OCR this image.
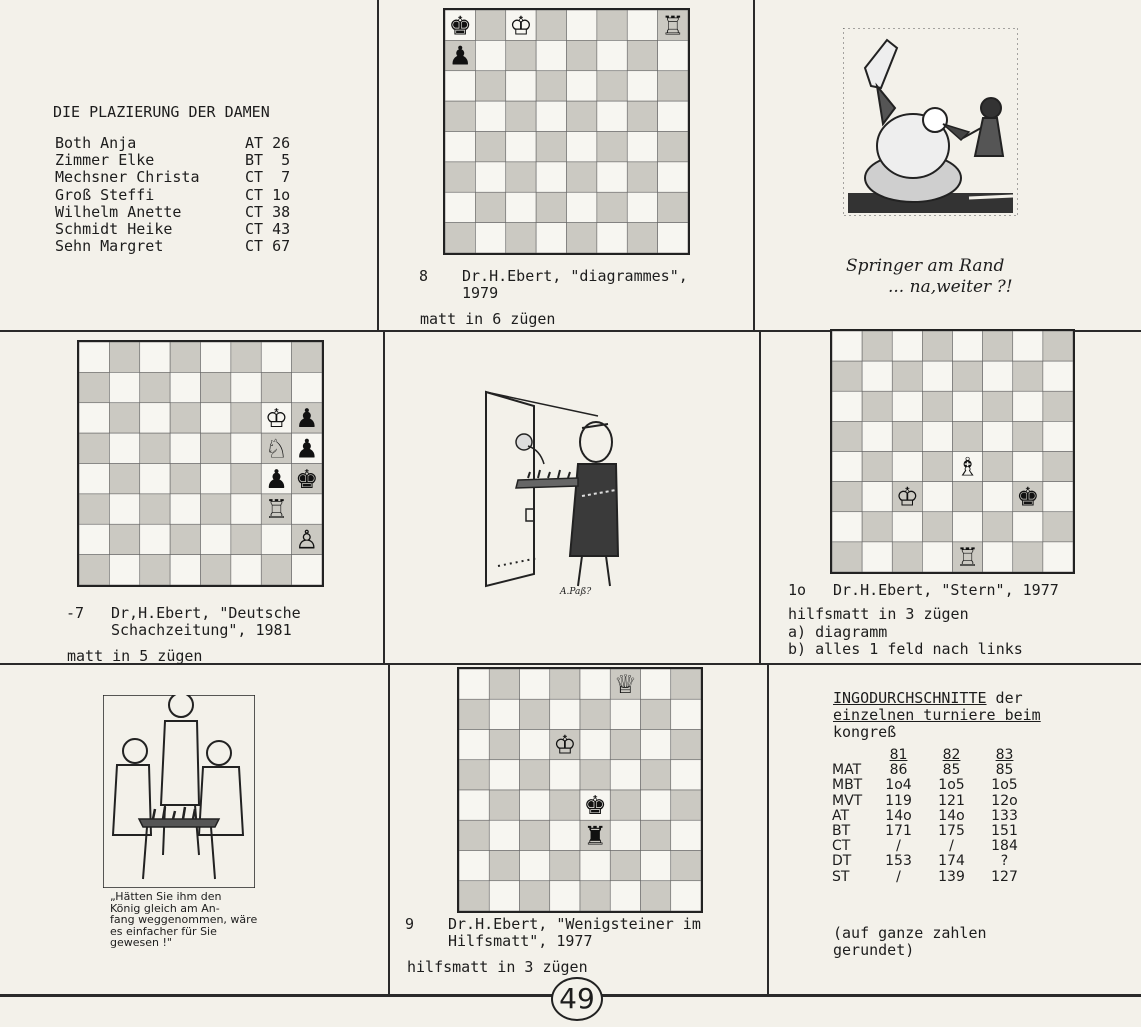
DIE PLAZIERUNG DER DAMEN
Both Anja	AT 26
Zimmer Elke	BT  5
Mechsner Christa	CT  7
Groß Steffi	CT 1o
Wilhelm Anette	CT 38
Schmidt Heike	CT 43
Sehn Margret	CT 67
♚ ♔	♖
♟
8 Dr.H.Ebert, "diagrammes",
1979
matt in 6 zügen
Springer am Rand
... na,weiter ?!
♔ ♟
♘ ♟
♟ ♚
♖
♙
-7 Dr,H.Ebert, "Deutsche
Schachzeitung", 1981
matt in 5 zügen
A.Paß?
♗
♔	♚
♖
1o Dr.H.Ebert, "Stern", 1977
hilfsmatt in 3 zügen
a) diagramm
b) alles 1 feld nach links
„Hätten Sie ihm den
König gleich am An-
fang weggenommen, wäre
es einfacher für Sie
gewesen !"
♕
♔
♚
♜
9 Dr.H.Ebert, "Wenigsteiner im
Hilfsmatt", 1977
hilfsmatt in 3 zügen
INGODURCHSCHNITTE der
einzelnen turniere beim
kongreß
	81	82	83
MAT	86	85	85
MBT	1o4	1o5	1o5
MVT	119	121	12o
AT	14o	14o	133
BT	171	175	151
CT	/	/	184
DT	153	174	?
ST	/	139	127
(auf ganze zahlen
gerundet)
49
